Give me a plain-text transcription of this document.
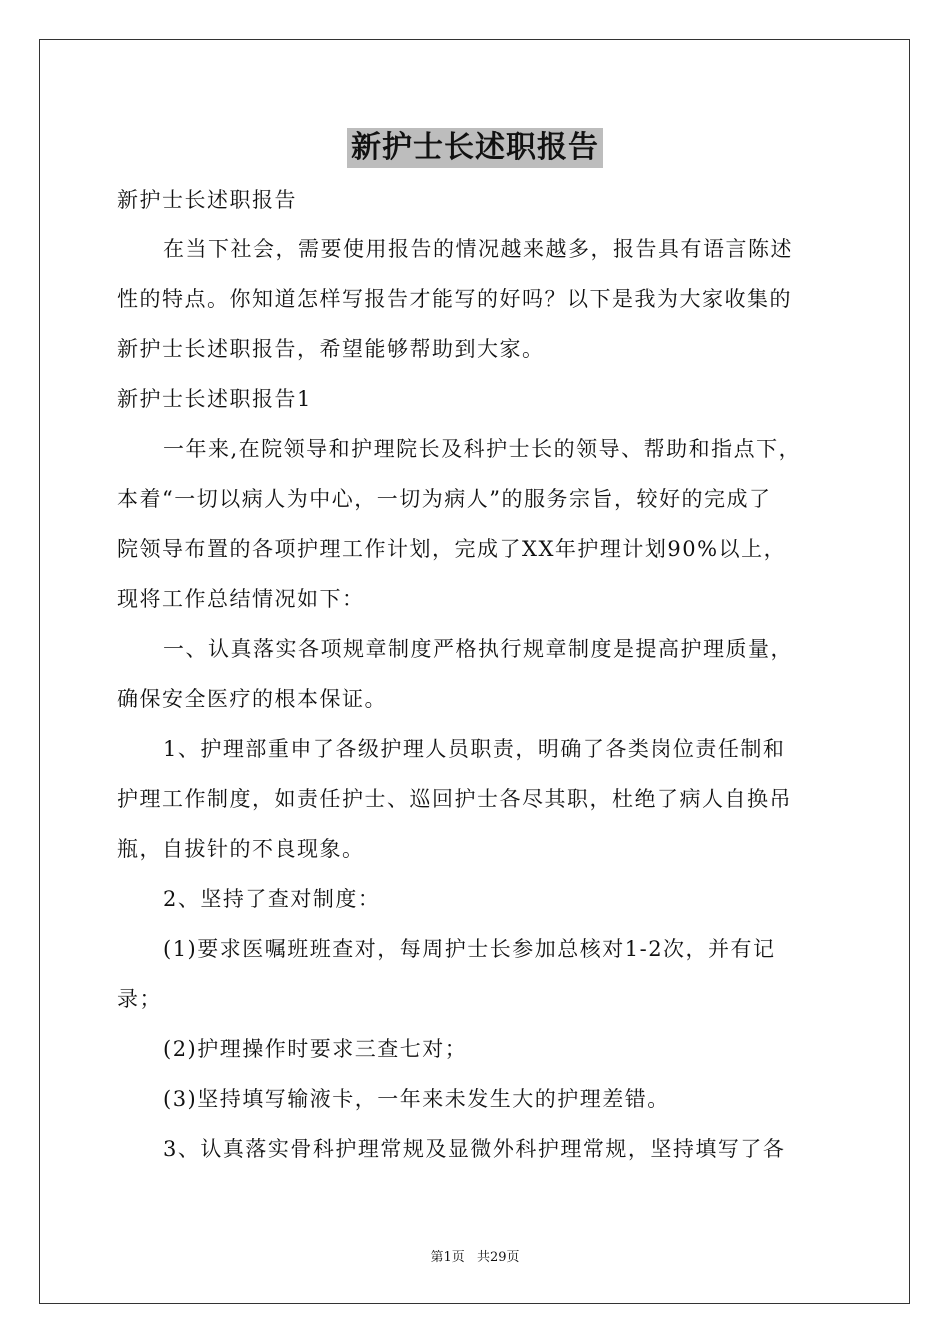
新护士长述职报告
新护士长述职报告
在当下社会，需要使用报告的情况越来越多，报告具有语言陈述
性的特点。你知道怎样写报告才能写的好吗？以下是我为大家收集的
新护士长述职报告，希望能够帮助到大家。
新护士长述职报告1
一年来,在院领导和护理院长及科护士长的领导、帮助和指点下，
本着“一切以病人为中心，一切为病人”的服务宗旨，较好的完成了
院领导布置的各项护理工作计划，完成了XX年护理计划90%以上，
现将工作总结情况如下：
一、认真落实各项规章制度严格执行规章制度是提高护理质量，
确保安全医疗的根本保证。
1、护理部重申了各级护理人员职责，明确了各类岗位责任制和
护理工作制度，如责任护士、巡回护士各尽其职，杜绝了病人自换吊
瓶，自拔针的不良现象。
2、坚持了查对制度：
(1)要求医嘱班班查对，每周护士长参加总核对1-2次，并有记
录；
(2)护理操作时要求三查七对；
(3)坚持填写输液卡，一年来未发生大的护理差错。
3、认真落实骨科护理常规及显微外科护理常规，坚持填写了各
第1页 共29页
